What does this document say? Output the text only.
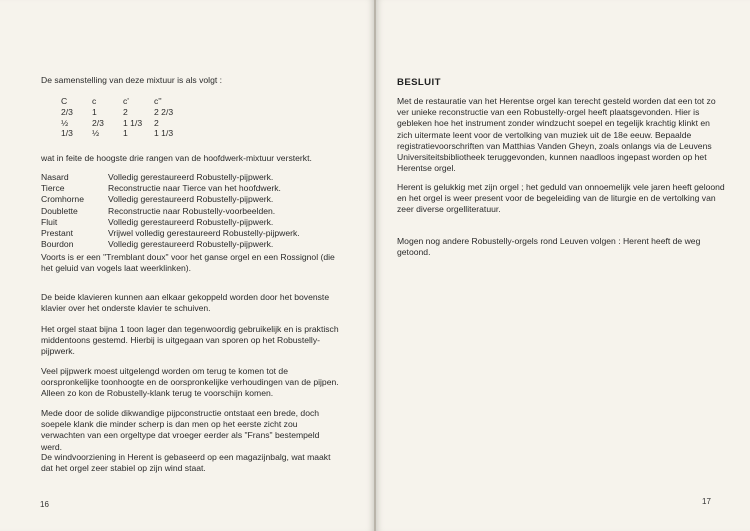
De samenstelling van deze mixtuur is als volgt :
C	c	c'	c''
2/3	1	2	2 2/3
½	2/3	1 1/3	2
1/3	½	1	1 1/3
wat in feite de hoogste drie rangen van de hoofdwerk-mixtuur versterkt.
Nasard	Volledig gerestaureerd Robustelly-pijpwerk.
Tierce	Reconstructie naar Tierce van het hoofdwerk.
Cromhorne	Volledig gerestaureerd Robustelly-pijpwerk.
Doublette	Reconstructie naar Robustelly-voorbeelden.
Fluit	Volledig gerestaureerd Robustelly-pijpwerk.
Prestant	Vrijwel volledig gerestaureerd Robustelly-pijpwerk.
Bourdon	Volledig gerestaureerd Robustelly-pijpwerk.
Voorts is er een "Tremblant doux" voor het ganse orgel en een Rossignol (die het geluid van vogels laat weerklinken).
De beide klavieren kunnen aan elkaar gekoppeld worden door het bovenste klavier over het onderste klavier te schuiven.
Het orgel staat bijna 1 toon lager dan tegenwoordig gebruikelijk en is praktisch middentoons gestemd. Hierbij is uitgegaan van sporen op het Robustelly-pijpwerk.
Veel pijpwerk moest uitgelengd worden om terug te komen tot de oorspronkelijke toonhoogte en de oorspronkelijke verhoudingen van de pijpen. Alleen zo kon de Robustelly-klank terug te voorschijn komen.
Mede door de solide dikwandige pijpconstructie ontstaat een brede, doch soepele klank die minder scherp is dan men op het eerste zicht zou verwachten van een orgeltype dat vroeger eerder als "Frans" bestempeld werd.
De windvoorziening in Herent is gebaseerd op een magazijnbalg, wat maakt dat het orgel zeer stabiel op zijn wind staat.
16
BESLUIT
Met de restauratie van het Herentse orgel kan terecht gesteld worden dat een tot zo ver unieke reconstructie van een Robustelly-orgel heeft plaatsgevonden. Hier is gebleken hoe het instrument zonder windzucht soepel en tegelijk krachtig klinkt en zich uitermate leent voor de vertolking van muziek uit de 18e eeuw. Bepaalde registratievoorschriften van Matthias Vanden Gheyn, zoals onlangs via de Leuvens Universiteitsbibliotheek teruggevonden, kunnen naadloos ingepast worden op het Herentse orgel.
Herent is gelukkig met zijn orgel ; het geduld van onnoemelijk vele jaren heeft geloond en het orgel is weer present voor de begeleiding van de liturgie en de vertolking van zeer diverse orgelliteratuur.
Mogen nog andere Robustelly-orgels rond Leuven volgen : Herent heeft de weg getoond.
17
